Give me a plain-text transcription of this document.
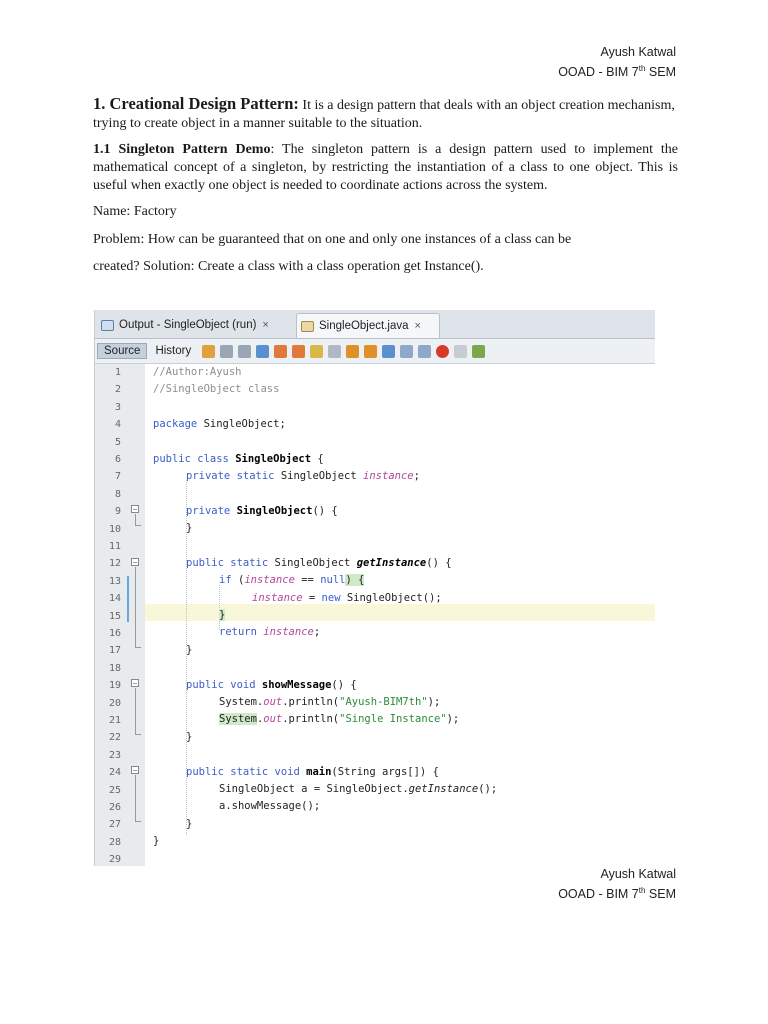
Ayush Katwal
OOAD - BIM 7th SEM
1. Creational Design Pattern: It is a design pattern that deals with an object creation mechanism, trying to create object in a manner suitable to the situation.
1.1 Singleton Pattern Demo: The singleton pattern is a design pattern used to implement the mathematical concept of a singleton, by restricting the instantiation of a class to one object. This is useful when exactly one object is needed to coordinate actions across the system.
Name: Factory
Problem: How can be guaranteed that on one and only one instances of a class can be
created? Solution: Create a class with a class operation get Instance().
Output - SingleObject (run) ×	SingleObject.java ×
Source	History
1
2
3
4
5
6
7
8
9
10
11
12
13
14
15
16
17
18
19
20
21
22
23
24
25
26
27
28
29
−
−
−
−
//Author:Ayush
//SingleObject class
package SingleObject;
public class SingleObject {
private static SingleObject instance;
private SingleObject() {
}
public static SingleObject getInstance() {
if (instance == null) {
instance = new SingleObject();
}
return instance;
}
public void showMessage() {
System.out.println("Ayush-BIM7th");
System.out.println("Single Instance");
}
public static void main(String args[]) {
SingleObject a = SingleObject.getInstance();
a.showMessage();
}
}
Ayush Katwal
OOAD - BIM 7th SEM
